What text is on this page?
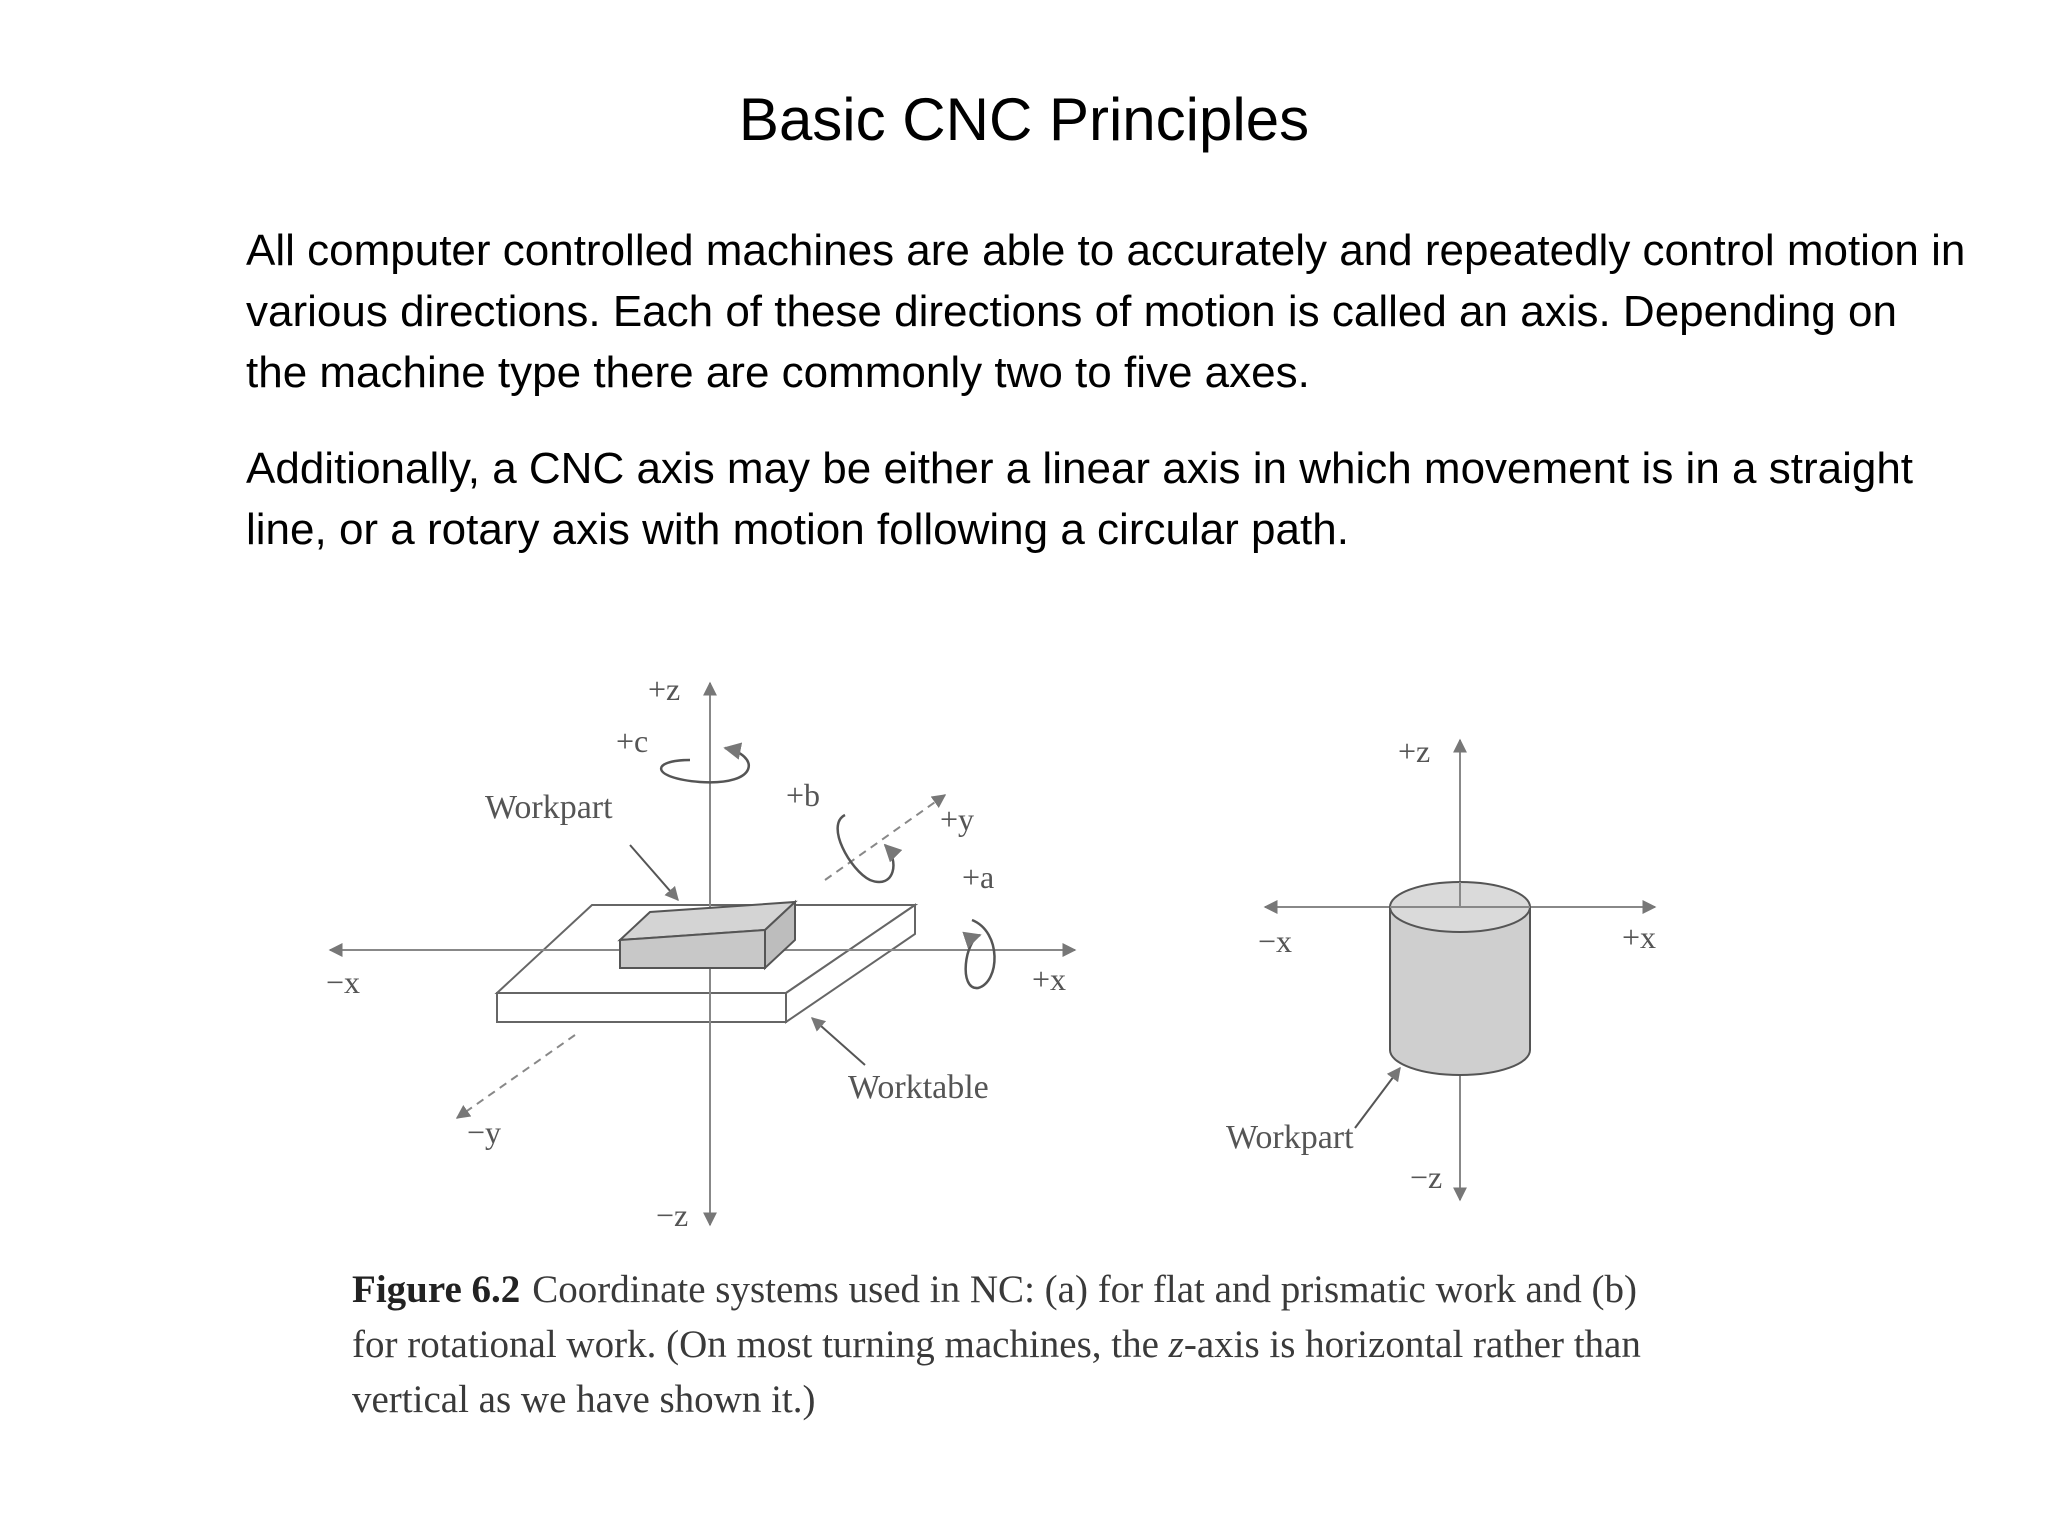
Basic CNC Principles
All computer controlled machines are able to accurately and repeatedly control motion in various directions. Each of these directions of motion is called an axis. Depending on the machine type there are commonly two to five axes.
Additionally, a CNC axis may be either a linear axis in which movement is in a straight line, or a rotary axis with motion following a circular path.
+z
+c
+b
+y
+a
+x
−x
−y
−z
Workpart
Worktable
+z
−x	+x
−z
Workpart
Figure 6.2 Coordinate systems used in NC: (a) for flat and prismatic work and (b) for rotational work. (On most turning machines, the z-axis is horizontal rather than vertical as we have shown it.)
